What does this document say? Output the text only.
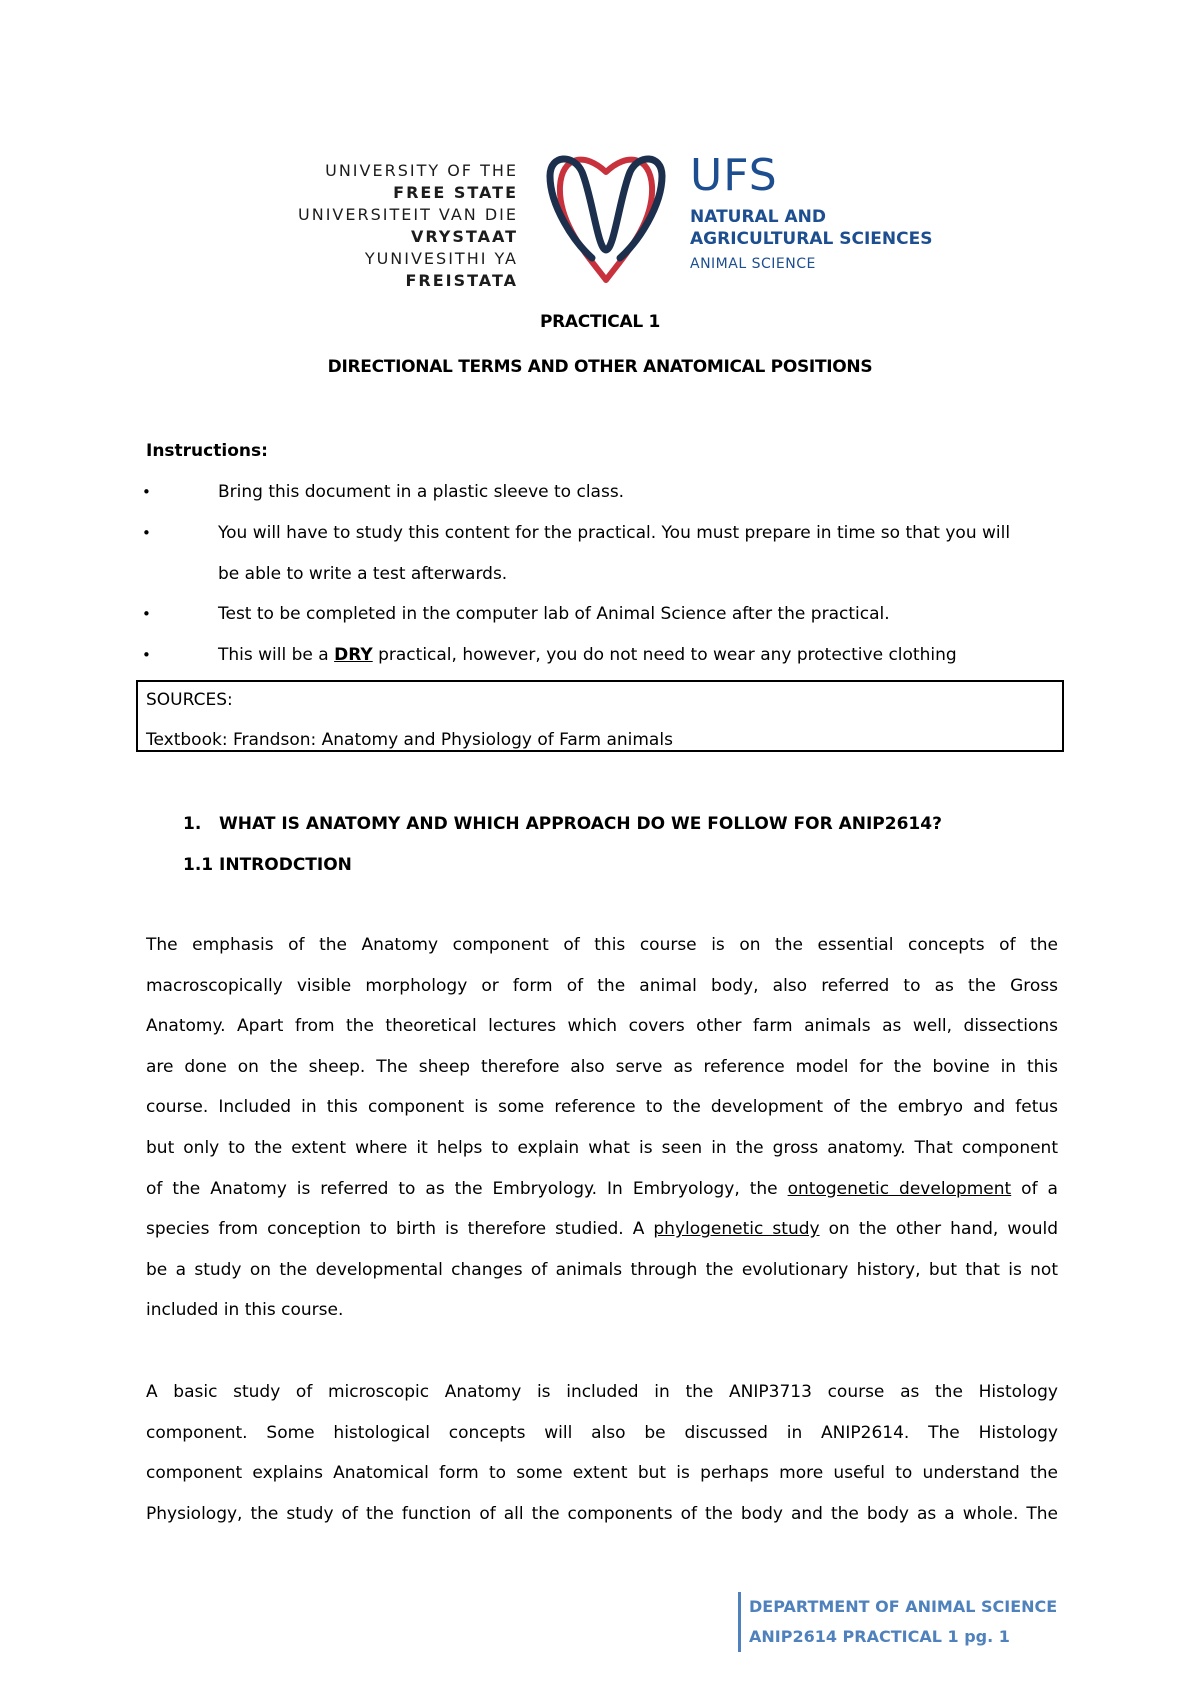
UNIVERSITY OF THE
FREE STATE
UNIVERSITEIT VAN DIE
VRYSTAAT
YUNIVESITHI YA
FREISTATA
UFS
NATURAL AND
AGRICULTURAL SCIENCES
ANIMAL SCIENCE
PRACTICAL 1
DIRECTIONAL TERMS AND OTHER ANATOMICAL POSITIONS
Instructions:
•	Bring this document in a plastic sleeve to class.
•	You will have to study this content for the practical. You must prepare in time so that you will
be able to write a test afterwards.
•	Test to be completed in the computer lab of Animal Science after the practical.
•	This will be a DRY practical, however, you do not need to wear any protective clothing
SOURCES:
Textbook: Frandson: Anatomy and Physiology of Farm animals
1. WHAT IS ANATOMY AND WHICH APPROACH DO WE FOLLOW FOR ANIP2614?
1.1 INTRODCTION
The emphasis of the Anatomy component of this course is on the essential concepts of the
macroscopically visible morphology or form of the animal body, also referred to as the Gross
Anatomy. Apart from the theoretical lectures which covers other farm animals as well, dissections
are done on the sheep. The sheep therefore also serve as reference model for the bovine in this
course. Included in this component is some reference to the development of the embryo and fetus
but only to the extent where it helps to explain what is seen in the gross anatomy. That component
of the Anatomy is referred to as the Embryology. In Embryology, the ontogenetic development of a
species from conception to birth is therefore studied. A phylogenetic study on the other hand, would
be a study on the developmental changes of animals through the evolutionary history, but that is not
included in this course.
A basic study of microscopic Anatomy is included in the ANIP3713 course as the Histology
component. Some histological concepts will also be discussed in ANIP2614. The Histology
component explains Anatomical form to some extent but is perhaps more useful to understand the
Physiology, the study of the function of all the components of the body and the body as a whole. The
DEPARTMENT OF ANIMAL SCIENCE
ANIP2614 PRACTICAL 1 pg. 1
